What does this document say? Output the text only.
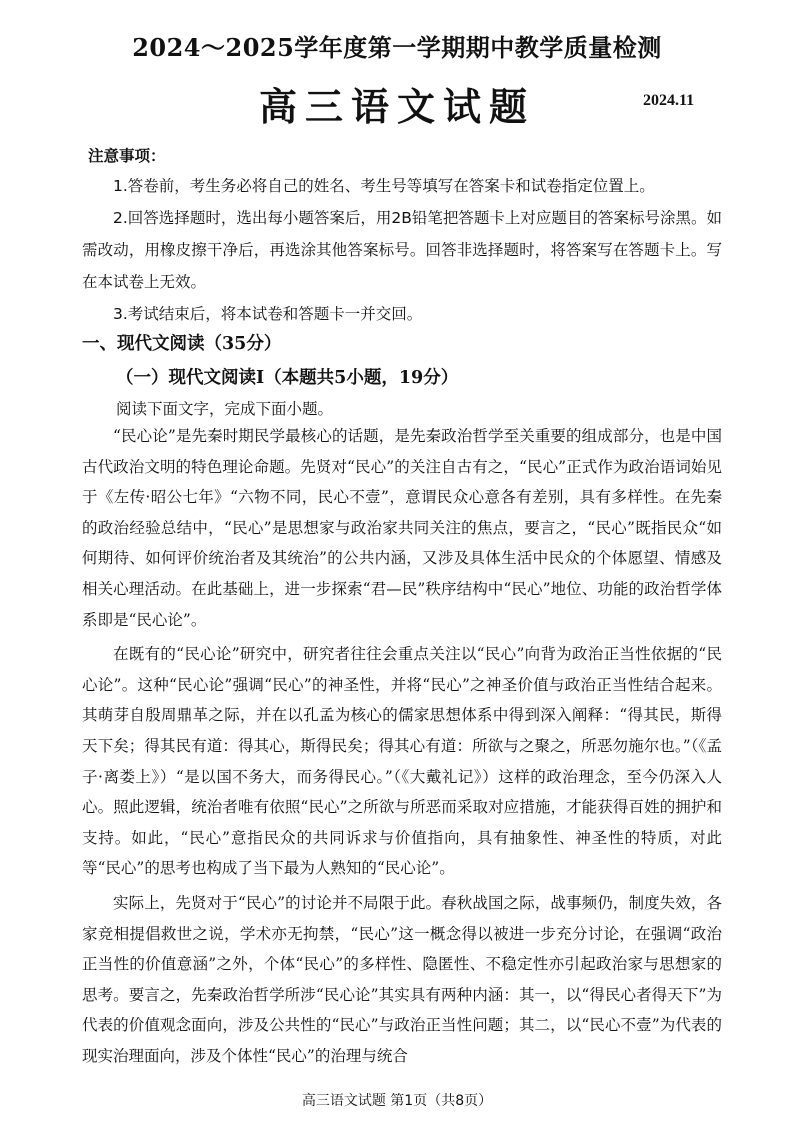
2024～2025学年度第一学期期中教学质量检测
高三语文试题	2024.11
注意事项：

1.答卷前，考生务必将自己的姓名、考生号等填写在答案卡和试卷指定位置上。

2.回答选择题时，选出每小题答案后，用2B铅笔把答题卡上对应题目的答案标号涂黑。如需改动，用橡皮擦干净后，再选涂其他答案标号。回答非选择题时，将答案写在答题卡上。写在本试卷上无效。

3.考试结束后，将本试卷和答题卡一并交回。

一、现代文阅读（35分）
（一）现代文阅读Ⅰ（本题共5小题，19分）
阅读下面文字，完成下面小题。

“民心论”是先秦时期民学最核心的话题，是先秦政治哲学至关重要的组成部分，也是中国古代政治文明的特色理论命题。先贤对“民心”的关注自古有之，“民心”正式作为政治语词始见于《左传·昭公七年》“六物不同，民心不壹”，意谓民众心意各有差别，具有多样性。在先秦的政治经验总结中，“民心”是思想家与政治家共同关注的焦点，要言之，“民心”既指民众“如何期待、如何评价统治者及其统治”的公共内涵，又涉及具体生活中民众的个体愿望、情感及相关心理活动。在此基础上，进一步探索“君—民”秩序结构中“民心”地位、功能的政治哲学体系即是“民心论”。

在既有的“民心论”研究中，研究者往往会重点关注以“民心”向背为政治正当性依据的“民心论”。这种“民心论”强调“民心”的神圣性，并将“民心”之神圣价值与政治正当性结合起来。其萌芽自殷周鼎革之际，并在以孔孟为核心的儒家思想体系中得到深入阐释：“得其民，斯得天下矣；得其民有道：得其心，斯得民矣；得其心有道：所欲与之聚之，所恶勿施尔也。”（《孟子·离娄上》）“是以国不务大，而务得民心。”（《大戴礼记》）这样的政治理念，至今仍深入人心。照此逻辑，统治者唯有依照“民心”之所欲与所恶而采取对应措施，才能获得百姓的拥护和支持。如此，“民心”意指民众的共同诉求与价值指向，具有抽象性、神圣性的特质，对此等“民心”的思考也构成了当下最为人熟知的“民心论”。

实际上，先贤对于“民心”的讨论并不局限于此。春秋战国之际，战事频仍，制度失效，各家竞相提倡救世之说，学术亦无拘禁，“民心”这一概念得以被进一步充分讨论，在强调“政治正当性的价值意涵”之外，个体“民心”的多样性、隐匿性、不稳定性亦引起政治家与思想家的思考。要言之，先秦政治哲学所涉“民心论”其实具有两种内涵：其一，以“得民心者得天下”为代表的价值观念面向，涉及公共性的“民心”与政治正当性问题；其二，以“民心不壹”为代表的现实治理面向，涉及个体性“民心”的治理与统合

高三语文试题 第1页（共8页）
